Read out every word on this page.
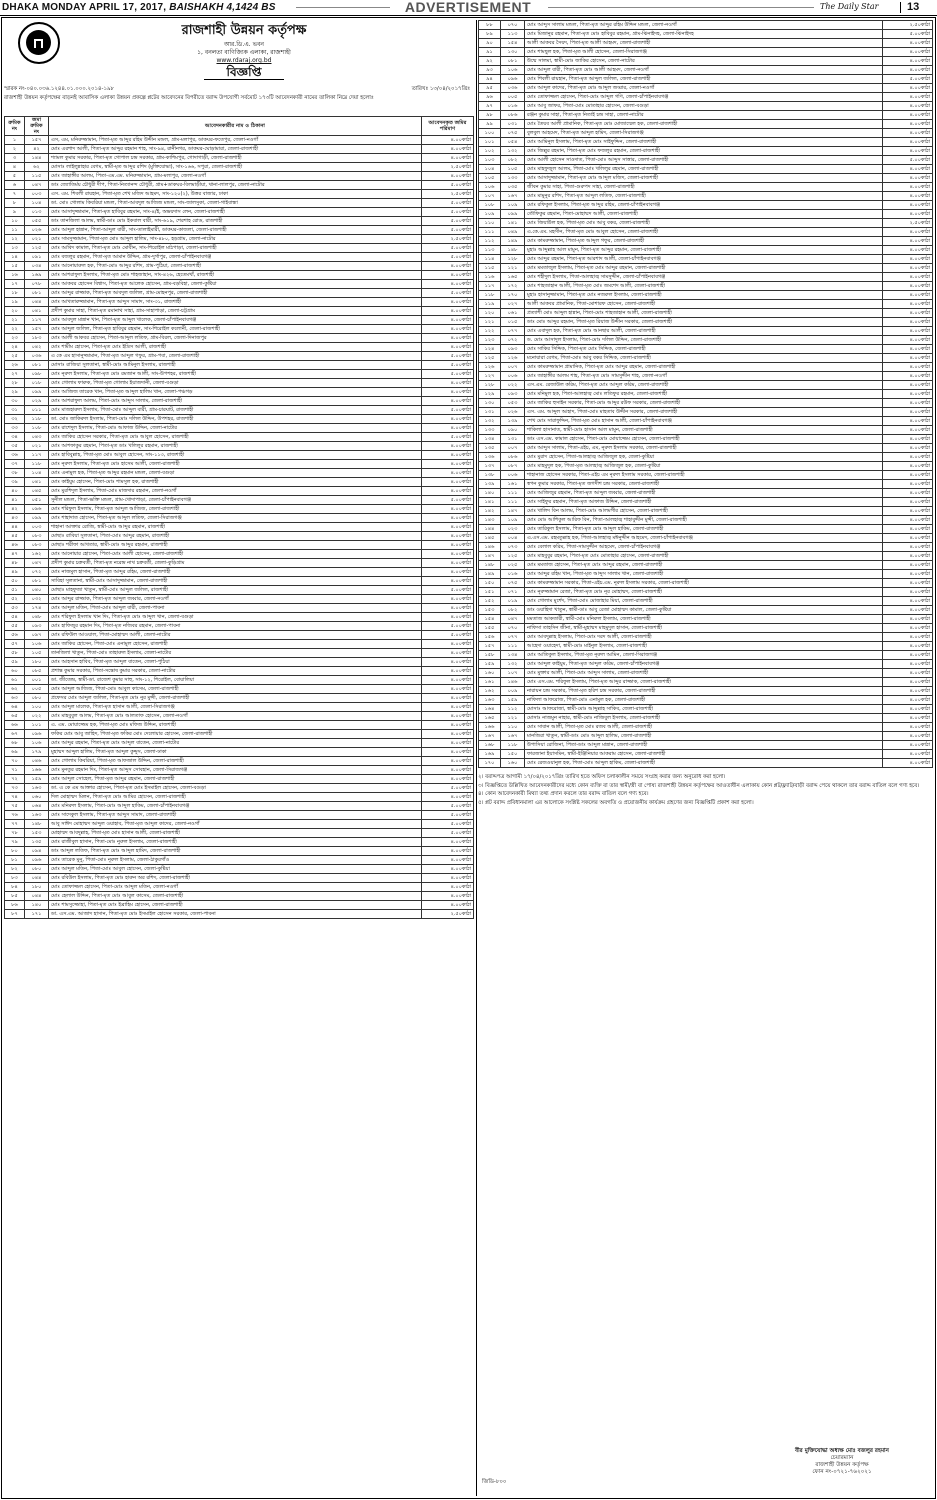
DHAKA MONDAY APRIL 17, 2017, BAISHAKH 4,1424 BS	ADVERTISEMENT	The Daily Star	13
রাজশাহী উন্নয়ন কর্তৃপক্ষ
আর.ডি.এ. ভবন
১, বনলতা বাণিজ্যিক এলাকা, রাজশাহী
www.rdaraj.org.bd
বিজ্ঞপ্তি
স্মারক নং-০৪০.০৩৬.১২৪৪.০১.০০০.২০১৪-১৯৮	তারিখঃ ১৩/০৪/২০১৭খ্রিঃ
রাজশাহী উন্নয়ন কর্তৃপক্ষের বাড়নই আবাসিক এলাকা উন্নয়ন প্রকল্পে প্লটের আবেদনের বিপরীতে বরাদ্দ উপযোগী সর্বমোট ১৭৩টি আবেদনকারী নামের তালিকা নিম্নে দেয়া হলোঃ
ক্রমিক নং	জমা ক্রমিক নং	আবেদনকারীর নাম ও ঠিকানা	আবেদনকৃত জমির পরিমাণ
১	১৫৭	এস, এম, মনিরুজ্জামান, পিতা-মৃত আব্দুর রহিম উদ্দীন মন্ডল, গ্রাম-মলাপুর, ডাকঘর-ফতেপুর, জেলা-নওগাঁ	৪.০০কাঠা
২	৪২	মোঃ এরশাদ আলী, পিতা-মৃত আব্দুর রহমান শাহ, সাং-৯৪, রানীনগর, ডাকঘর-ঘোড়ামারা, জেলা-রাজশাহী	৪.০০কাঠা
৩	১৪৪	শ্যামল কুমার সরকার, পিতা-মৃত গোপাল চন্দ্র সরকার, গ্রাম-কাশিমপুর, গোদাগাড়ী, জেলা-রাজশাহী	৪.০০কাঠা
৪	৬২	মোসাঃ লাইলুন্নাহার বেগম, স্বামী-মৃত আব্দুর রশিদ (মুক্তিযোদ্ধা), সাং-১৬৬, সপুরা, জেলা-রাজশাহী	২.৫০কাঠা
৫	১১৫	মোঃ জাহাঙ্গীর আলম, পিতা-এম.এম. মনিরুজ্জামান, গ্রাম-মলাপুর, জেলা-নওগাঁ	৪.০০কাঠা
৬	০৪৭	ডাঃ জ্যোতির্ময় চৌধুরী দীপ, পিতা-নিত্যানন্দ চৌধুরী, গ্রাম+ডাকঘর-বিলমাড়ীয়া, থানা-লালপুর, জেলা-নাটোর	৫.০০কাঠা
৭	০০৩	এস. এম. শিবলী রায়হান, পিতা-মৃত শেখ মজিদ আহমদ, সাং-১২০(২), উত্তর বাজার, ঢাকা	২.৫০কাঠা
৮	১০৪	ডা. মোঃ গোলাম কিবরিয়া মন্ডল, পিতা-আবদুল আজিজ মন্ডল, সাং-জালসুকা, জেলা-গাইবান্ধা	৫.০০কাঠা
৯	০১৩	মোঃ আসাদুজ্জামান, পিতা-মৃত হাবিবুর রহমান, সাং-৪/ই, অভয়দাস লেন, জেলা-রাজশাহী	৫.০০কাঠা
১০	০৫৫	ডাঃ তানজিলা আলম, স্বামী-ডাঃ মোঃ ইকবাল বারী, সাং-৬১৯, শেরশাহ রোড, রাজশাহী	৫.০০কাঠা
১১	০২৬	মোঃ আব্দুল হান্নান, পিতা-আব্দুল বারী, সাং-তালাইমারী, ডাকঘর-কাজলা, জেলা-রাজশাহী	৫.০০কাঠা
১২	০২১	মোঃ সামসুজ্জামান, পিতা-মৃত মোঃ আব্দুল হালিম, সাং-৪৮০, হড়গ্রাম, জেলা-নাটোর	২.৫০কাঠা
১৩	১২৫	মোঃ আবিদ কামাল, পিতা-মৃত মোঃ মোবীন, সাং-শিরোইল মাঠপাড়া, জেলা-রাজশাহী	৫.০০কাঠা
১৪	০৯১	মোঃ বজলুর রহমান, পিতা-মৃত আমান উদ্দিন, গ্রাম-দুর্গাপুর, জেলা-চাঁপাইনবাবগঞ্জ	৫.০০কাঠা
১৫	০৩৪	মোঃ আনোয়ারুল হক, পিতা-মোঃ আব্দুর রশিদ, গ্রাম-পুঠিয়া, জেলা-রাজশাহী	৪.০০কাঠা
১৬	১৬৯	মোঃ আশরাফুল ইসলাম, পিতা-মৃত মোঃ শাহজাহান, সাং-৪২৬, হেতেমখাঁ, রাজশাহী	৪.০০কাঠা
১৭	০৭৮	মোঃ আকবর হোসেন বিশ্বাস, পিতা-মৃত আলেক হোসেন, গ্রাম-বড়বিহা, জেলা-কুষ্টিয়া	৪.০০কাঠা
১৮	০৮১	মোঃ আব্দুর রাজ্জাক, পিতা-মৃত আবদুল জলিল, গ্রাম-মোহনপুর, জেলা-রাজশাহী	৫.০০কাঠা
১৯	০৪৪	মোঃ আখতারুজ্জামান, পিতা-মৃত আব্দুস সামাদ, সাং-৩১, রাজশাহী	৪.০০কাঠা
২০	০৪১	প্রদীপ কুমার সাহা, পিতা-মৃত রমানাথ সাহা, গ্রাম-সাহাপাড়া, জেলা-চট্টগ্রাম	৪.০০কাঠা
২১	১১৭	মোঃ আবদুল মান্নান খান, পিতা-মৃত আব্দুল খালেক, জেলা-চাঁপাইনবাবগঞ্জ	৪.০০কাঠা
২২	১৫৭	মোঃ আব্দুল জলিল, পিতা-মৃত হাবিবুর রহমান, সাং-শিরোইল কলোনী, জেলা-রাজশাহী	৪.০০কাঠা
২৩	১৮৩	মোঃ আলী আকবর হোসেন, পিতা-আব্দুল লতিফ, গ্রাম-বিরল, জেলা-দিনাজপুর	৪.০০কাঠা
২৪	০৪২	মোঃ শামীম হোসেন, পিতা-মৃত মোঃ ইদ্রিস আলী, রাজশাহী	৪.০০কাঠা
২৫	০৩৬	এ কে এম হাসানুজ্জামান, পিতা-মৃত আব্দুল গফুর, গ্রাম-পবা, জেলা-রাজশাহী	৫.০০কাঠা
২৬	০৮১	মোসাঃ রাজিয়া সুলতানা, স্বামী-মোঃ আমিনুল ইসলাম, রাজশাহী	৫.০০কাঠা
২৭	০৯৮	মোঃ নূরুল ইসলাম, পিতা-মৃত মোঃ রমজান আলী, সাং-উপশহর, রাজশাহী	৫.০০কাঠা
২৮	০১৮	মোঃ গোলাম ফারুক, পিতা-মৃত গোলাম ইয়াজদানী, জেলা-বগুড়া	৪.০০কাঠা
২৯	০৯৯	মোঃ আজিজ তারেক খান, পিতা-মৃত আব্দুল হালিম খান, জেলা-পঞ্চগড়	৪.০০কাঠা
৩০	০২৯	মোঃ আশরাফুল আলম, পিতা-মোঃ আব্দুস সালাম, জেলা-রাজশাহী	৪.০০কাঠা
৩১	০১১	মোঃ মাজহারুল ইসলাম, পিতা-মোঃ আব্দুল বারী, গ্রাম-চারঘাট, রাজশাহী	৫.০০কাঠা
৩২	১১৮	ডা. মোঃ জাকিরুল ইসলাম, পিতা-মোঃ দলিল উদ্দিন, উপশহর, রাজশাহী	৪.০০কাঠা
৩৩	১০৮	মোঃ রাশেদুল ইসলাম, পিতা-মোঃ আফাজ উদ্দিন, জেলা-নাটোর	৪.০০কাঠা
৩৪	০৪৩	মোঃ জাকির হোসেন সরকার, পিতা-মৃত মোঃ আবুল হোসেন, রাজশাহী	৫.০০কাঠা
৩৫	০২১	মোঃ আশফাকুর রহমান, পিতা-মৃত ডাঃ খলিলুর রহমান, রাজশাহী	৪.০০কাঠা
৩৬	১১৭	মোঃ হাবিবুল্লাহ, পিতা-মৃত মোঃ আবুল হোসেন, সাং-১১৩, রাজশাহী	৪.০০কাঠা
৩৭	১১৮	মোঃ নূরুল ইসলাম, পিতা-মৃত মোঃ হাসেম আলী, জেলা-রাজশাহী	৪.০০কাঠা
৩৮	১০৪	মোঃ এনামুল হক, পিতা-মৃত আব্দুর রহমান মন্ডল, জেলা-বগুড়া	৪.০০কাঠা
৩৯	০৪১	মোঃ কাইয়ুম হোসেন, পিতা-মোঃ শামসুল হক, রাজশাহী	৪.০০কাঠা
৪০	০৪৫	মোঃ মুরশিদুল ইসলাম, পিতা-মোঃ মাজদার রহমান, জেলা-নওগাঁ	৪.০০কাঠা
৪১	০৫১	সুনীল মন্ডল, পিতা-ভক্তি মন্ডল, গ্রাম-খোদাপাড়া, জেলা-চাঁপাইনবাবগঞ্জ	৫.০০কাঠা
৪২	০৯৬	মোঃ শরিফুল ইসলাম, পিতা-মৃত আব্দুল আজিজ, জেলা-রাজশাহী	৪.০০কাঠা
৪৩	০৯৯	মোঃ শাহাদাত হোসেন, পিতা-মৃত আব্দুল লতিফ, জেলা-সিরাজগঞ্জ	৪.০০কাঠা
৪৪	০০৩	শাহানা আক্তার রোজি, স্বামী-মোঃ আব্দুর রহমান, রাজশাহী	৪.০০কাঠা
৪৫	০৮৩	মোছাঃ রাবিয়া সুলতানা, পিতা-মোঃ আব্দুর রহমান, রাজশাহী	৪.০০কাঠা
৪৬	০৮৩	মোছাঃ শরীফা আখতার, স্বামী-মোঃ আব্দুর রহমান, রাজশাহী	৪.০০কাঠা
৪৭	১৬২	মোঃ আনোয়ার হোসেন, পিতা-মোঃ আলী হোসেন, জেলা-রাজশাহী	৪.০০কাঠা
৪৮	০৪৭	প্রদীপ কুমার চক্রবর্তী, পিতা-মৃত নরেন্দ্র নাথ চক্রবর্তী, জেলা-কুড়িগ্রাম	৪.০০কাঠা
৪৯	০৭২	মোঃ নাজমুল হাসান, পিতা-মৃত আব্দুর রহিম, জেলা-রাজশাহী	৪.০০কাঠা
৫০	০৮১	সাবিহা সুলতানা, স্বামী-মোঃ আসাদুজ্জামান, জেলা-রাজশাহী	৪.০০কাঠা
৫১	০৪০	মোছাঃ মাহফুজা খাতুন, স্বামী-মোঃ আব্দুল জলিল, রাজশাহী	৫.০০কাঠা
৫২	০৩২	মোঃ আব্দুর রাজ্জাক, পিতা-মৃত আব্দুল জব্বার, জেলা-নওগাঁ	৪.০০কাঠা
৫৩	১৭৪	মোঃ আব্দুল মতিন, পিতা-মোঃ আব্দুল বারী, জেলা-পাবনা	৪.০০কাঠা
৫৪	০৪৮	মোঃ শরিফুল ইসলাম খান দিং, পিতা-মৃত মোঃ আব্দুল খান, জেলা-বগুড়া	৪.০০কাঠা
৫৫	০৯৩	মোঃ হাফিজুর রহমান দিং, পিতা-মৃত নজিবর রহমান, জেলা-পাবনা	৫.০০কাঠা
৫৬	০৯৭	মোঃ রফিউল আওয়াল, পিতা-মোহাম্মদ আলী, জেলা-নাটোর	৫.০০কাঠা
৫৭	১০৬	মোঃ জাকির হোসেন, পিতা-মোঃ এনামুল হোসেন, রাজশাহী	৪.০০কাঠা
৫৮	১০৫	তানজিলা খাতুন, পিতা-মোঃ তাহারুল ইসলাম, জেলা-নাটোর	৪.০০কাঠা
৫৯	১৮০	মোঃ আহসান হাবিব, পিতা-মৃত আব্দুল বাতেন, জেলা-পুঠিয়া	৪.০০কাঠা
৬০	০৮৫	প্রশান্ত কুমার সরকার, পিতা-সন্তোষ কুমার সরকার, জেলা-নাটোর	৪.০০কাঠা
৬১	০০১	ডা. জীতেন্দ্র, স্বামী-ডা. রাজেশ কুমার সাহু, সাং-১২, শিরোইল, বোয়ালিয়া	৪.০০কাঠা
৬২	০০৫	মোঃ আব্দুল আজিজ, পিতা-মোঃ আবুল কাসেম, জেলা-রাজশাহী	৪.০০কাঠা
৬৩	০৮০	প্রফেসর মোঃ আব্দুল জলিল, পিতা-মৃত মোঃ নুর মুন্সী, জেলা-রাজশাহী	৪.০০কাঠা
৬৪	১০০	মোঃ আব্দুল মালেক, পিতা-মৃত হাসান আলী, জেলা-সিরাজগঞ্জ	৪.০০কাঠা
৬৫	০২২	মোঃ মাহবুবুল আলম, পিতা-মৃত মোঃ আলতাফ হোসেন, জেলা-নওগাঁ	৪.০০কাঠা
৬৬	১০১	এ. এম. মোয়াজ্জেম হক, পিতা-মৃত মোঃ মফিজ উদ্দিন, রাজশাহী	৪.০০কাঠা
৬৭	০৯৬	ফকির মোঃ আবু জাহিদ, পিতা-মৃত ফকির মোঃ দেলোয়ার হোসেন, জেলা-রাজশাহী	৪.০০কাঠা
৬৮	১০৬	মোঃ আব্দুর রহমান, পিতা-মৃত মোঃ আব্দুল বাতেন, জেলা-নাটোর	৪.০০কাঠা
৬৯	১৭৯	মুহাম্মদ আব্দুল হালিম, পিতা-মৃত আব্দুল কুদ্দুস, জেলা-ঢাকা	৪.০০কাঠা
৭০	০৪৬	মোঃ গোলাম কিবরিয়া, পিতা-মৃত আফজাল উদ্দিন, জেলা-রাজশাহী	৪.০০কাঠা
৭১	১৬৬	মোঃ মুনতুর রহমান দিং, পিতা-মৃত আব্দুস সোবহান, জেলা-সিরাজগঞ্জ	৪.০০কাঠা
৭২	১৫৯	মোঃ আব্দুল সোহেল, পিতা-মৃত আব্দুর রহমান, জেলা-রাজশাহী	৪.০০কাঠা
৭৩	১৬৩	ডা. এ কে এম আক্তার হোসেন, পিতা-মৃত মোঃ ইসমাইল হোসেন, জেলা-বগুড়া	৫.০০কাঠা
৭৪	০৬০	দিল মোহাম্মদ মিলন, পিতা-মৃত মোঃ আমির হোসেন, জেলা-রাজশাহী	৪.০০কাঠা
৭৫	০৬৪	মোঃ মনিরুল ইসলাম, পিতা-মোঃ আব্দুল হাকিম, জেলা-চাঁপাইনবাবগঞ্জ	৫.০০কাঠা
৭৬	১৬৩	মোঃ সাদেকুল ইসলাম, পিতা-মৃত আব্দুস সামাদ, জেলা-রাজশাহী	৫.০০কাঠা
৭৭	১৪৮	আবু সাঈদ মোহাম্মদ আব্দুল ওয়াহাব, পিতা-মৃত আব্দুল কাদের, জেলা-নওগাঁ	৫.০০কাঠা
৭৮	১৫৩	মোহাম্মদ আবদুল্লাহ, পিতা-মৃত মোঃ হাসান আলী, জেলা-রাজশাহী	৫.০০কাঠা
৭৯	১৩৫	মোঃ রাজীবুল হাসান, পিতা-মোঃ নুরুল ইসলাম, জেলা-রাজশাহী	৪.০০কাঠা
৮০	০৯৪	ডাঃ আব্দুল লতিফ, পিতা-মৃত মোঃ আব্দুল হামিদ, জেলা-রাজশাহী	৪.০০কাঠা
৮১	০৯৬	মোঃ তারেক মুনু, পিতা-মোঃ নূরুল ইসলাম, জেলা-ঠাকুরগাঁও	৪.০০কাঠা
৮২	০৮০	মোঃ আব্দুল মতিন, পিতা-মোঃ আবুল হোসেন, জেলা-কুষ্টিয়া	৪.০০কাঠা
৮৩	০৪৪	মোঃ রবিউল ইসলাম, পিতা-মৃত মোঃ হারুন অর রশিদ, জেলা-রাজশাহী	৪.০০কাঠা
৮৪	১৮০	মোঃ তোফাজ্জল হোসেন, পিতা-মোঃ আব্দুল মতিন, জেলা-নওগাঁ	৪.০০কাঠা
৮৫	০৪৪	মোঃ হেলাল উদ্দিন, পিতা-মৃত মোঃ আবুল কাসেম, জেলা-রাজশাহী	৪.০০কাঠা
৮৬	১৪০	মোঃ শামসুজ্জোহা, পিতা-মৃত মোঃ ইব্রাহিম হোসেন, জেলা-রাজশাহী	৪.০০কাঠা
৮৭	১৭১	ডা. এস.এম. আজাদ হাসান, পিতা-মৃত মোঃ ইসমাইল হোসেন সরকার, জেলা-পাবনা	২.৫০কাঠা
৮৮	০৭০	মোঃ আব্দুস সালাম মন্ডল, পিতা-মৃত আব্দুর রহিম উদ্দিন মন্ডল, জেলা-নওগাঁ	২.৫০কাঠা
৮৯	১১৩	মোঃ মিজানুর রহমান, পিতা-মৃত মোঃ হাবিবুর রহমান, গ্রাম-ঝিনাইদহ, জেলা-ঝিনাইদহ	৫.০০কাঠা
৯০	১৫৪	আলী আকবর সৈয়দ, পিতা-মৃত আলী আহমদ, জেলা-রাজশাহী	৪.০০কাঠা
৯১	১৩০	মোঃ শামছুল হক, পিতা-মৃত আলী হোসেন, জেলা-সিরাজগঞ্জ	৪.০০কাঠা
৯২	০৮১	উম্মে সালমা, স্বামী-মোঃ জাকির হোসেন, জেলা-নাটোর	৪.০০কাঠা
৯৩	১০৬	মোঃ আব্দুল বারী, পিতা-মৃত মোঃ আলী আহমদ, জেলা-নওগাঁ	৪.০০কাঠা
৯৪	০৯৬	মোঃ শিবলী রায়হান, পিতা-মৃত আব্দুল জলিল, জেলা-রাজশাহী	৫.০০কাঠা
৯৫	০৩৬	মোঃ আব্দুল কাদের, পিতা-মৃত মোঃ আব্দুল জব্বার, জেলা-নওগাঁ	৪.০০কাঠা
৯৬	০০৫	মোঃ তোফাজ্জল হোসেন, পিতা-মোঃ আব্দুল গণি, জেলা-চাঁপাইনবাবগঞ্জ	৪.০০কাঠা
৯৭	০১৬	মোঃ আবু জাফর, পিতা-মোঃ মোতাহার হোসেন, জেলা-বগুড়া	৪.০০কাঠা
৯৮	০৮৬	রঞ্জন কুমার সাহা, পিতা-মৃত নিতাই চন্দ্র সাহা, জেলা-নাটোর	৪.০০কাঠা
৯৯	০৩১	মোঃ তৈয়ব আলী প্রামানিক, পিতা-মৃত মোঃ মোজাম্মেল হক, জেলা-রাজশাহী	৪.০০কাঠা
১০০	০৭৫	বুলবুল আহমেদ, পিতা-মৃত আব্দুল হামিদ, জেলা-সিরাজগঞ্জ	৪.০০কাঠা
১০১	০৫৪	মোঃ আমিনুল ইসলাম, পিতা-মৃত মোঃ সাইফুদ্দিন, জেলা-রাজশাহী	৪.০০কাঠা
১০২	১৩২	মোঃ জিল্লুর রহমান, পিতা-মৃত মোঃ ফজলুর রহমান, জেলা-রাজশাহী	৪.০০কাঠা
১০৩	০৮২	মোঃ আলী হোসেন সাওদাত, পিতা-মোঃ আব্দুস সাত্তার, জেলা-রাজশাহী	৫.০০কাঠা
১০৪	১০৫	মোঃ মাহফুজুল আলম, পিতা-মোঃ খলিলুর রহমান, জেলা-রাজশাহী	৪.০০কাঠা
১০৫	১৩৩	মোঃ আসাদুজ্জামান, পিতা-মৃত মোঃ আব্দুল মজিদ, জেলা-রাজশাহী	৪.০০কাঠা
১০৬	০৩৫	জীবন কুমার সাহা, পিতা-গুরুপদ সাহা, জেলা-রাজশাহী	৪.০০কাঠা
১০৭	১৬৭	মোঃ মামুনুর রশিদ, পিতা-মৃত আব্দুল লতিফ, জেলা-রাজশাহী	৪.০০কাঠা
১০৮	১০৯	মোঃ রফিকুল ইসলাম, পিতা-মৃত আব্দুর রহিম, জেলা-চাঁপাইনবাবগঞ্জ	৪.০০কাঠা
১০৯	০৯৯	তৌফিকুর রহমান, পিতা-মোহাম্মদ আলী, জেলা-রাজশাহী	৪.০০কাঠা
১১০	১৪১	মোঃ জিয়াউল হক, পিতা-মৃত মোঃ আবু বকর, জেলা-রাজশাহী	২.৫০কাঠা
১১১	০৪৯	এ.কে.এম. মহসীন, পিতা-মৃত মোঃ আবুল হোসেন, জেলা-রাজশাহী	৪.০০কাঠা
১১২	১৪৯	মোঃ কামরুজ্জামান, পিতা-মৃত আব্দুল গফুর, জেলা-রাজশাহী	৪.০০কাঠা
১১৩	১৪৮	মুহাঃ আব্দুল্লাহ আল মামুন, পিতা-মৃত আব্দুর রহমান, জেলা-রাজশাহী	৪.০০কাঠা
১১৪	১২৮	মোঃ আব্দুর রহমান, পিতা-মৃত আরশাদ আলী, জেলা-চাঁপাইনবাবগঞ্জ	৪.০০কাঠা
১১৫	১২১	মোঃ মমতাজুল ইসলাম, পিতা-মৃত মোঃ আব্দুর রহমান, জেলা-রাজশাহী	৪.০০কাঠা
১১৬	১৬৫	মোঃ শহীদুল ইসলাম, পিতা-আলহাজ্ব সামসুদ্দীন, জেলা-চাঁপাইনবাবগঞ্জ	৪.০০কাঠা
১১৭	১৭২	মোঃ শাহজাহান আলী, পিতা-মৃত মোঃ জমশেদ আলী, জেলা-রাজশাহী	৪.০০কাঠা
১১৮	১৭০	মুহাঃ হাসানুজ্জামান, পিতা-মৃত মোঃ নজরুল ইসলাম, জেলা-রাজশাহী	৪.০০কাঠা
১১৯	০২৭	আলী আকবর প্রামানিক, পিতা-মোশারফ হোসেন, জেলা-রাজশাহী	৪.০০কাঠা
১২০	০৬১	প্রত্যাশী মোঃ আব্দুল হান্নান, পিতা-মোঃ শাহজাহান আলী, জেলা-রাজশাহী	৪.০০কাঠা
১২১	০১৫	ডাঃ মোঃ আব্দুর রহমান, পিতা-মৃত রিয়াজ উদ্দীন সরকার, জেলা-রাজশাহী	৪.০০কাঠা
১২২	০৭৭	মোঃ এবাদুল হক, পিতা-মৃত মোঃ আনছার আলী, জেলা-রাজশাহী	৪.০০কাঠা
১২৩	০৭২	ড. মোঃ আসাদুল ইসলাম, পিতা-মোঃ দলিল উদ্দিন, জেলা-রাজশাহী	৪.০০কাঠা
১২৪	০৯৩	মোঃ সাকির সিদ্দিক, পিতা-মৃত মোঃ সিদ্দিক, জেলা-রাজশাহী	৪.০০কাঠা
১২৫	১২৬	মনোয়ারা বেগম, পিতা-মোঃ আবু বকর সিদ্দিক, জেলা-রাজশাহী	৪.০০কাঠা
১২৬	০০৭	মোঃ কামরুজ্জামান প্রামানিক, পিতা-মৃত মোঃ আব্দুর রহমান, জেলা-রাজশাহী	৪.০০কাঠা
১২৭	০০৬	মোঃ জাহাঙ্গীর আলম শাহ, পিতা-মৃত মোঃ সামসুদ্দীন শাহ, জেলা-নওগাঁ	৪.০০কাঠা
১২৮	০২২	এস.এম. রেজাউল করিম, পিতা-মৃত মোঃ আব্দুল করিম, জেলা-রাজশাহী	৪.০০কাঠা
১২৯	০৯৩	মোঃ মনিমুল হক, পিতা-আলহাজ্ব মোঃ লতিফুর রহমান, জেলা-রাজশাহী	৪.০০কাঠা
১৩০	০৫৩	মোঃ জাকির হুসাইন সরকার, পিতা-মোঃ আব্দুর রউফ সরকার, জেলা-রাজশাহী	৪.০০কাঠা
১৩১	০২৬	এস. এম. আব্দুল আহাদ, পিতা-মোঃ মাহতাব উদ্দীন সরকার, জেলা-রাজশাহী	৪.০০কাঠা
১৩২	১৩৯	শেখ মোঃ সারাফুদ্দিন, পিতা-মৃত মোঃ হাসান আলী, জেলা-চাঁপাইনবাবগঞ্জ	৪.০০কাঠা
১৩৩	০৯০	শাকিলা হাসানাত, স্বামী-মোঃ হাসান আল মামুন, জেলা-রাজশাহী	৪.০০কাঠা
১৩৪	১৩১	ডাঃ এস.এম. কামাল হোসেন, পিতা-মোঃ মোয়াজ্জেম হোসেন, জেলা-রাজশাহী	৪.০০কাঠা
১৩৫	০০৭	মোঃ আব্দুস সালাম, পিতা-এইচ, এম, নূরুল ইসলাম সরকার, জেলা-রাজশাহী	৪.০০কাঠা
১৩৬	০৮৬	মোঃ মুরাদ হোসেন, পিতা-আলহাজ্ব আজিজুল হক, জেলা-কুষ্টিয়া	৪.০০কাঠা
১৩৭	০৮৭	মোঃ মাহমুদুল হক, পিতা-মৃত আলহাজ্ব আজিজুল হক, জেলা-কুষ্টিয়া	৪.০০কাঠা
১৩৮	০০৬	শাহানাজ হোসেন সরকার, পিতা-এইচ এম নূরুল ইসলাম সরকার, জেলা-রাজশাহী	৪.০০কাঠা
১৩৯	১৬১	স্বপন কুমার সরকার, পিতা-মৃত জগদীশ চন্দ্র সরকার, জেলা-রাজশাহী	৪.০০কাঠা
১৪০	১১১	মোঃ আজিজুর রহমান, পিতা-মৃত আব্দুল জব্বার, জেলা-রাজশাহী	৪.০০কাঠা
১৪১	১১১	মোঃ সাইফুর রহমান, পিতা-মৃত আফাজ উদ্দিন, জেলা-রাজশাহী	৪.০০কাঠা
১৪২	১৪৭	মোঃ খালিদ বিন আলম, পিতা-মোঃ আলমগীর হোসেন, জেলা-রাজশাহী	৪.০০কাঠা
১৪৩	১০৯	মোঃ মোঃ আশিকুল আরিফ বিন, পিতা-আলহাজ্ব শাহাবুদ্দীন মুন্সী, জেলা-রাজশাহী	৪.০০কাঠা
১৪৪	০২৩	মোঃ তারিকুল ইসলাম, পিতা-মৃত মোঃ আব্দুল হাকিম, জেলা-রাজশাহী	৪.০০কাঠা
১৪৫	০০৪	এ.এস.এম. রহমতুল্লাহ হক, পিতা-আলহাজ্ব মঈনুদ্দীন আহমেদ, জেলা-চাঁপাইনবাবগঞ্জ	৪.০০কাঠা
১৪৬	০৭৩	মোঃ বেলাল করিম, পিতা-সামসুদ্দীন আহমেদ, জেলা-চাঁপাইনবাবগঞ্জ	৪.০০কাঠা
১৪৭	১২৫	মোঃ মাহবুবুর রহমান, পিতা-মৃত মোঃ মোতাহার হোসেন, জেলা-রাজশাহী	৪.০০কাঠা
১৪৮	০২৫	মোঃ মমতাজ হোসেন, পিতা-মৃত মোঃ আব্দুর রহমান, জেলা-রাজশাহী	৪.০০কাঠা
১৪৯	০১৬	মোঃ আব্দুর রহিম খান, পিতা-মৃত আব্দুস সালাম খান, জেলা-রাজশাহী	৪.০০কাঠা
১৫০	০৭৫	মোঃ কামরুজ্জামান সরকার, পিতা-এইচ.এম. নূরুল ইসলাম সরকার, জেলা-রাজশাহী	৪.০০কাঠা
১৫১	০৭১	মোঃ নূরুজ্জামান রেজা, পিতা-মৃত মোঃ নূর মোহাম্মদ, জেলা-রাজশাহী	৪.০০কাঠা
১৫২	০১৯	মোঃ গোলাম মুর্শেদ, পিতা-মোঃ মোজাহার মিয়া, জেলা-রাজশাহী	৪.০০কাঠা
১৫৩	০৮২	ডাঃ ওয়াহিদা খাতুন, স্বামী-ডাঃ আবু রেজা মোহাম্মদ কামাল, জেলা-কুষ্টিয়া	৪.০০কাঠা
১৫৪	০৪৭	মমতাজ আকতারী, স্বামী-মোঃ মনিরুল ইসলাম, জেলা-রাজশাহী	৪.০০কাঠা
১৫৫	০৭০	নাফিসা তাহসিন জীনা, স্বামী-মুহাম্মদ মাহমুদুল হাসান, জেলা-রাজশাহী	৪.০০কাঠা
১৫৬	০৭৭	মোঃ আবদুল্লাহ ইসলাম, পিতা-মোঃ দরদ আলী, জেলা-রাজশাহী	৪.০০কাঠা
১৫৭	১১১	আহেদা ওয়াহেদা, স্বামী-মোঃ মাইনুল ইসলাম, জেলা-রাজশাহী	৪.০০কাঠা
১৫৮	১৩৪	মোঃ আতিকুল ইসলাম, পিতা-মৃত নূরুল আমিন, জেলা-সিরাজগঞ্জ	৪.০০কাঠা
১৫৯	১৩২	মোঃ আব্দুল কাইয়ুম, পিতা-মৃত আব্দুল করিম, জেলা-চাঁপাইনবাবগঞ্জ	৪.০০কাঠা
১৬০	১০৭	মোঃ মুক্তার আলী, পিতা-মোঃ আব্দুস সালাম, জেলা-রাজশাহী	৪.০০কাঠা
১৬১	১৪৬	মোঃ এস.এম. শরিফুল ইসলাম, পিতা-মৃত আব্দুর রাজ্জাক, জেলা-রাজশাহী	৪.০০কাঠা
১৬২	০০৯	নারায়ন চন্দ্র সরকার, পিতা-মৃত হরিশ চন্দ্র সরকার, জেলা-রাজশাহী	৪.০০কাঠা
১৬৩	১৫৯	নাফিলা আফরোজ, পিতা-মোঃ এনামুল হক, জেলা-রাজশাহী	৪.০০কাঠা
১৬৪	১১২	মোসাঃ আফরোজা, স্বামী-মোঃ আব্দুল্লাহ সাকিব, জেলা-রাজশাহী	৪.০০কাঠা
১৬৫	১২১	মোসাঃ নাজমুন নাহার, স্বামী-মোঃ নাজিবুল ইসলাম, জেলা-রাজশাহী	৪.০০কাঠা
১৬৬	১১০	মোঃ সাবান আলী, পিতা-মৃত মোঃ রজব আলী, জেলা-রাজশাহী	৪.০০কাঠা
১৬৭	১৬৭	মানজিরা খাতুন, স্বামী-ডাঃ মোঃ আব্দুল হালিম, জেলা-রাজশাহী	৪.০০কাঠা
১৬৮	১১৮	উপাসিয়া রোজিনা, পিতা-ডাঃ আব্দুল মান্নান, জেলা-রাজশাহী	৪.০০কাঠা
১৬৯	১৫০	ফারজানা ইয়াসমিন, স্বামী-ইঞ্জিনিয়ার আকরাম হোসেন, জেলা-রাজশাহী	৪.০০কাঠা
১৭০	১৬০	মোঃ রেজওয়ানুল হক, পিতা-মোঃ আব্দুল হাকিম, জেলা-রাজশাহী	৪.০০কাঠা
২। বরাদ্দপত্র আগামী ১৭/০৪/২০১৭খ্রিঃ তারিখ হতে অফিস চলাকালীন সময়ে সংগ্রহ করার জন্য অনুরোধ করা হলো।
৩। বিজ্ঞপ্তিতে উল্লিখিত আবেদনকারীদের মধ্যে কোন ব্যক্তি বা তার স্বামী/স্ত্রী বা পোষ্য রাজশাহী উন্নয়ন কর্তৃপক্ষের আওতাধীন এলাকায় কোন প্লট/ফ্ল্যাট/বাড়ী বরাদ্দ পেয়ে থাকলে তার বরাদ্দ বাতিল বলে গণ্য হবে।
৪। কোন আবেদনকারী মিথ্যা তথ্য প্রদান করলে তার বরাদ্দ বাতিল বলে গণ্য হবে।
৫। প্লট বরাদ্দ প্রবিধানমালা এর আলোকে সংশ্লিষ্ট সকলের অবগতি ও প্রয়োজনীয় কার্যক্রম গ্রহণের জন্য বিজ্ঞপ্তিটি প্রকাশ করা হলো।
বীর মুক্তিযোদ্ধা অধ্যক্ষ মোঃ বজলুর রহমান
চেয়ারম্যান
রাজশাহী উন্নয়ন কর্তৃপক্ষ
ফোন নং-০৭২১-৭৬২০২১
জিডি-৮০০
